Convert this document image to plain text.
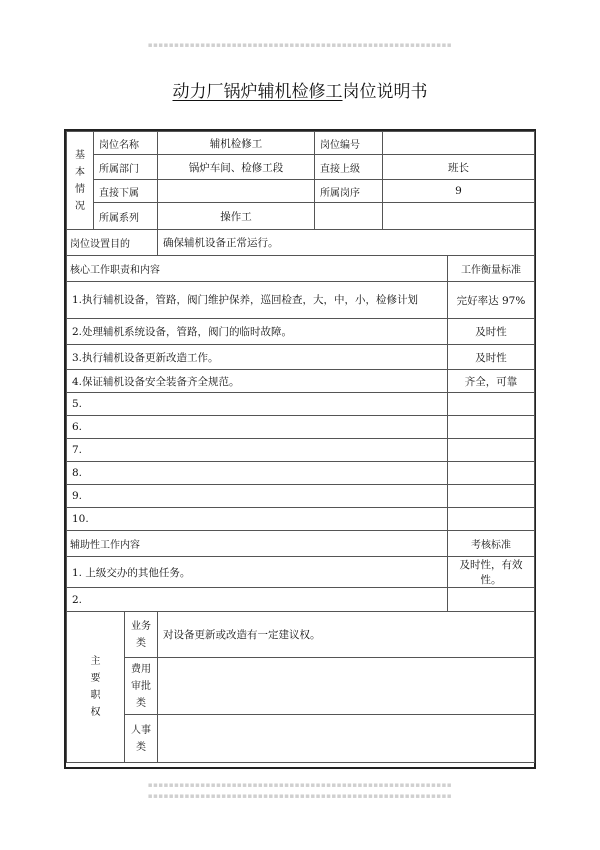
▪▪▪▪▪▪▪▪▪▪▪▪▪▪▪▪▪▪▪▪▪▪▪▪▪▪▪▪▪▪▪▪▪▪▪▪▪▪▪▪▪▪▪▪▪▪▪▪▪▪▪▪▪▪▪▪▪▪
动力厂锅炉辅机检修工岗位说明书
基本情况	岗位名称		辅机检修工	岗位编号		
	所属部门		锅炉车间、检修工段	直接上级	班长	
	直接下属			所属岗序	9	
	所属系列		操作工			
岗位设置目的			确保辅机设备正常运行。			
核心工作职责和内容						工作衡量标准
1.执行辅机设备，管路，阀门维护保养，巡回检查，大，中，小，检修计划						完好率达 97%
2.处理辅机系统设备，管路，阀门的临时故障。						及时性
3.执行辅机设备更新改造工作。						及时性
4.保证辅机设备安全装备齐全规范。						齐全，可靠
5.						
6.						
7.						
8.						
9.						
10.						
辅助性工作内容						考核标准
1. 上级交办的其他任务。						及时性，有效性。
2.						
主要职权		业务类	对设备更新或改造有一定建议权。			
		费用审批类				
		人事类				
▪▪▪▪▪▪▪▪▪▪▪▪▪▪▪▪▪▪▪▪▪▪▪▪▪▪▪▪▪▪▪▪▪▪▪▪▪▪▪▪▪▪▪▪▪▪▪▪▪▪▪▪▪▪▪▪▪▪
▪▪▪▪▪▪▪▪▪▪▪▪▪▪▪▪▪▪▪▪▪▪▪▪▪▪▪▪▪▪▪▪▪▪▪▪▪▪▪▪▪▪▪▪▪▪▪▪▪▪▪▪▪▪▪▪▪▪
